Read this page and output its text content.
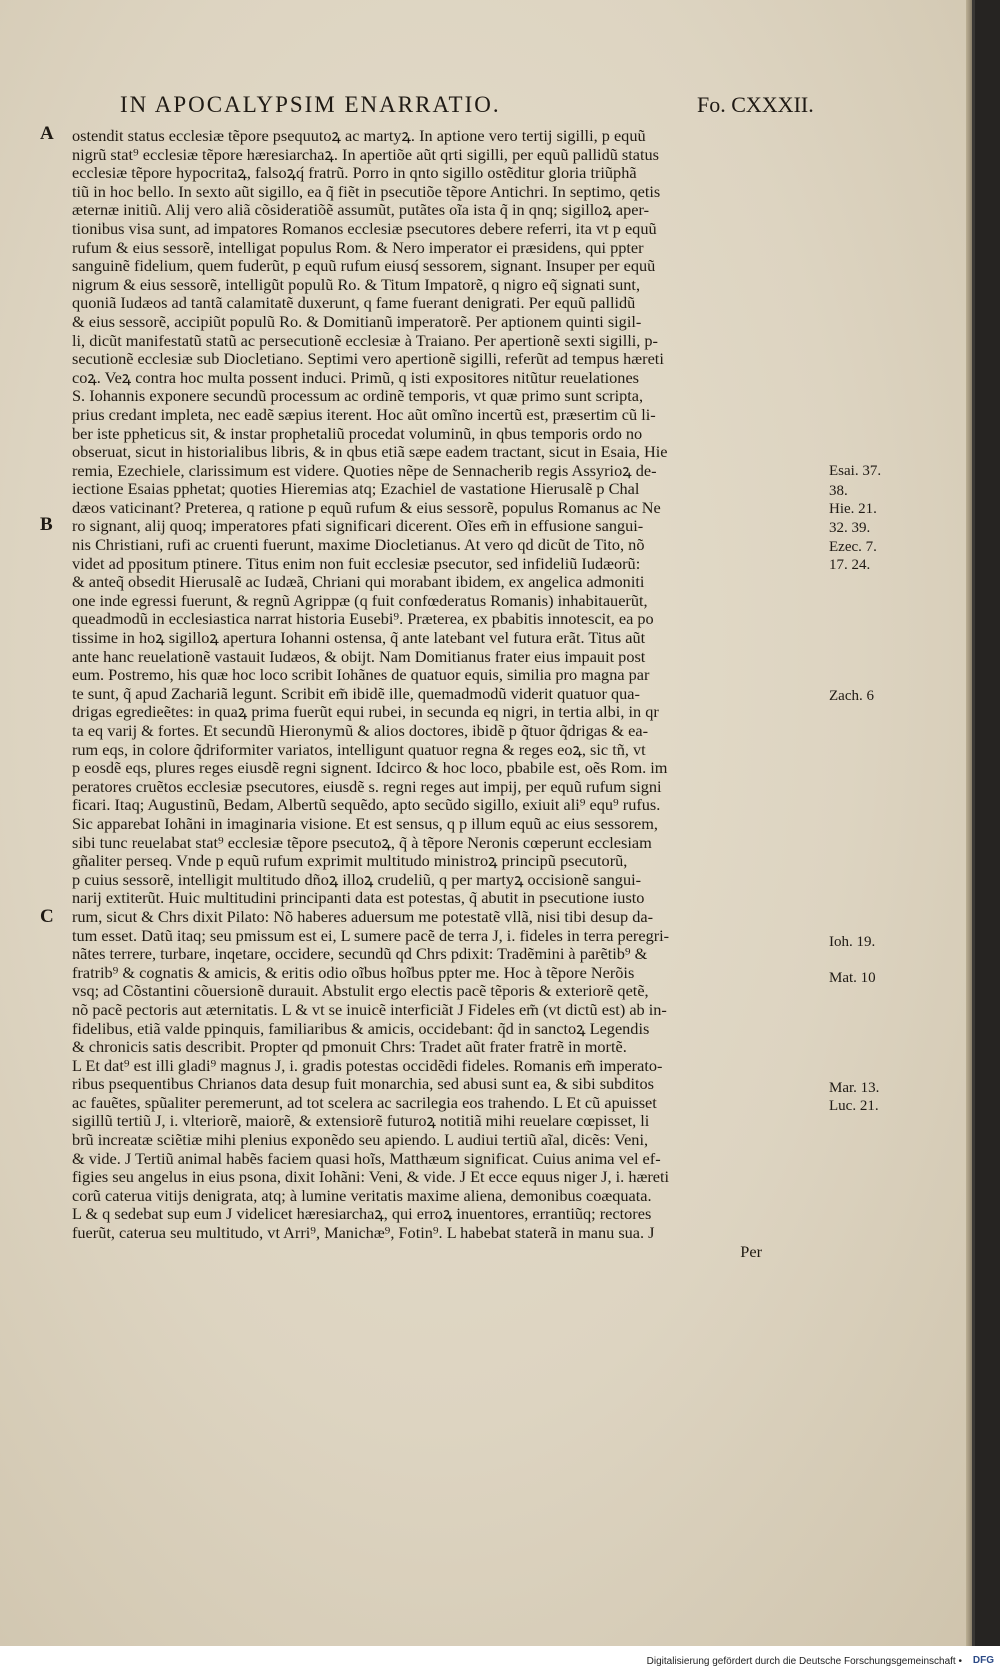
IN APOCALYPSIM ENARRATIO.	Fo. CXXXII.
A
B
C
ostendit status ecclesiæ tẽpore psequutoꝝ ac martyꝝ. In aptione vero tertij sigilli, p equũ
nigrũ stat⁹ ecclesiæ tẽpore hæresiarchaꝝ. In apertiõe aũt qrti sigilli, per equũ pallidũ status
ecclesiæ tẽpore hypocritaꝝ, falsoꝝq́ fratrũ. Porro in qnto sigillo ostẽditur gloria triũphã
tiũ in hoc bello. In sexto aũt sigillo, ea q̃ fiẽt in psecutiõe tẽpore Antichri. In septimo, qetis
æternæ initiũ. Alij vero aliã cõsideratiõẽ assumũt, putãtes oĩa ista q̃ in qnq; sigilloꝝ aper-
tionibus visa sunt, ad impatores Romanos ecclesiæ psecutores debere referri, ita vt p equũ
rufum & eius sessorẽ, intelligat populus Rom. & Nero imperator ei præsidens, qui ppter
sanguinẽ fidelium, quem fuderũt, p equũ rufum eiusq́ sessorem, signant. Insuper per equũ
nigrum & eius sessorẽ, intelligũt populũ Ro. & Titum Impatorẽ, q nigro eq̃ signati sunt,
quoniã Iudæos ad tantã calamitatẽ duxerunt, q fame fuerant denigrati. Per equũ pallidũ
& eius sessorẽ, accipiũt populũ Ro. & Domitianũ imperatorẽ. Per aptionem quinti sigil-
li, dicũt manifestatũ statũ ac persecutionẽ ecclesiæ à Traiano. Per apertionẽ sexti sigilli, p-
secutionẽ ecclesiæ sub Diocletiano. Septimi vero apertionẽ sigilli, referũt ad tempus hæreti
coꝝ. Veꝝ contra hoc multa possent induci. Primũ, q isti expositores nitũtur reuelationes
S. Iohannis exponere secundũ processum ac ordinẽ temporis, vt quæ primo sunt scripta,
prius credant impleta, nec eadẽ sæpius iterent. Hoc aũt omĩno incertũ est, præsertim cũ li-
ber iste ppheticus sit, & instar prophetaliũ procedat voluminũ, in qbus temporis ordo no
obseruat, sicut in historialibus libris, & in qbus etiã sæpe eadem tractant, sicut in Esaia, Hie
remia, Ezechiele, clarissimum est videre. Quoties nẽpe de Sennacherib regis Assyrioꝝ de-
iectione Esaias pphetat; quoties Hieremias atq; Ezachiel de vastatione Hierusalẽ p Chal
dæos vaticinant? Preterea, q ratione p equũ rufum & eius sessorẽ, populus Romanus ac Ne
ro signant, alij quoq; imperatores pfati significari dicerent. Oĩes em̃ in effusione sangui-
nis Christiani, rufi ac cruenti fuerunt, maxime Diocletianus. At vero qd dicũt de Tito, nõ
videt ad ppositum ptinere. Titus enim non fuit ecclesiæ psecutor, sed infideliũ Iudæorũ:
& anteq̃ obsedit Hierusalẽ ac Iudæã, Chriani qui morabant ibidem, ex angelica admoniti
one inde egressi fuerunt, & regnũ Agrippæ (q fuit confœderatus Romanis) inhabitauerũt,
queadmodũ in ecclesiastica narrat historia Eusebi⁹. Præterea, ex pbabitis innotescit, ea po
tissime in hoꝝ sigilloꝝ apertura Iohanni ostensa, q̃ ante latebant vel futura erãt. Titus aũt
ante hanc reuelationẽ vastauit Iudæos, & obijt. Nam Domitianus frater eius impauit post
eum. Postremo, his quæ hoc loco scribit Iohãnes de quatuor equis, similia pro magna par
te sunt, q̃ apud Zachariã legunt. Scribit em̃ ibidẽ ille, quemadmodũ viderit quatuor qua-
drigas egredieẽtes: in quaꝝ prima fuerũt equi rubei, in secunda eq nigri, in tertia albi, in qr
ta eq varij & fortes. Et secundũ Hieronymũ & alios doctores, ibidẽ p q̃tuor q̃drigas & ea-
rum eqs, in colore q̃driformiter variatos, intelligunt quatuor regna & reges eoꝝ, sic tñ, vt
p eosdẽ eqs, plures reges eiusdẽ regni signent. Idcirco & hoc loco, pbabile est, oẽs Rom. im
peratores cruẽtos ecclesiæ psecutores, eiusdẽ s. regni reges aut impij, per equũ rufum signi
ficari. Itaq; Augustinũ, Bedam, Albertũ sequẽdo, apto secũdo sigillo, exiuit ali⁹ equ⁹ rufus.
Sic apparebat Iohãni in imaginaria visione. Et est sensus, q p illum equũ ac eius sessorem,
sibi tunc reuelabat stat⁹ ecclesiæ tẽpore psecutoꝝ, q̃ à tẽpore Neronis cœperunt ecclesiam
gñaliter perseq. Vnde p equũ rufum exprimit multitudo ministroꝝ principũ psecutorũ,
p cuius sessorẽ, intelligit multitudo dñoꝝ illoꝝ crudeliũ, q per martyꝝ occisionẽ sangui-
narij extiterũt. Huic multitudini principanti data est potestas, q̃ abutit in psecutione iusto
rum, sicut & Chrs dixit Pilato: Nõ haberes aduersum me potestatẽ vllã, nisi tibi desup da-
tum esset. Datũ itaq; seu pmissum est ei, L sumere pacẽ de terra J, i. fideles in terra peregri-
nãtes terrere, turbare, inqetare, occidere, secundũ qd Chrs pdixit: Tradẽmini à parẽtib⁹ &
fratrib⁹ & cognatis & amicis, & eritis odio oĩbus hoĩbus ppter me. Hoc à tẽpore Nerõis
vsq; ad Cõstantini cõuersionẽ durauit. Abstulit ergo electis pacẽ tẽporis & exteriorẽ qetẽ,
nõ pacẽ pectoris aut æternitatis. L & vt se inuicẽ interficiãt J Fideles em̃ (vt dictũ est) ab in-
fidelibus, etiã valde ppinquis, familiaribus & amicis, occidebant: q̃d in sanctoꝝ Legendis
& chronicis satis describit. Propter qd pmonuit Chrs: Tradet aũt frater fratrẽ in mortẽ.
L Et dat⁹ est illi gladi⁹ magnus J, i. gradis potestas occidẽdi fideles. Romanis em̃ imperato-
ribus psequentibus Chrianos data desup fuit monarchia, sed abusi sunt ea, & sibi subditos
ac fauẽtes, spũaliter peremerunt, ad tot scelera ac sacrilegia eos trahendo. L Et cũ apuisset
sigillũ tertiũ J, i. vlteriorẽ, maiorẽ, & extensiorẽ futuroꝝ notitiã mihi reuelare cœpisset, li
brũ increatæ sciẽtiæ mihi plenius exponẽdo seu apiendo. L audiui tertiũ aĩal, dicẽs: Veni,
& vide. J Tertiũ animal habẽs faciem quasi hoĩs, Matthæum significat. Cuius anima vel ef-
figies seu angelus in eius psona, dixit Iohãni: Veni, & vide. J Et ecce equus niger J, i. hæreti
corũ caterua vitijs denigrata, atq; à lumine veritatis maxime aliena, demonibus coæquata.
L & q sedebat sup eum J videlicet hæresiarchaꝝ, qui erroꝝ inuentores, errantiũq; rectores
fuerũt, caterua seu multitudo, vt Arri⁹, Manichæ⁹, Fotin⁹. L habebat staterã in manu sua. J
Per
Esai. 37.
38.
Hie. 21.
32. 39.
Ezec. 7.
17. 24.
Zach. 6
Ioh. 19.
Mat. 10
Mar. 13.
Luc. 21.
Digitalisierung gefördert durch die Deutsche Forschungsgemeinschaft • DFG
